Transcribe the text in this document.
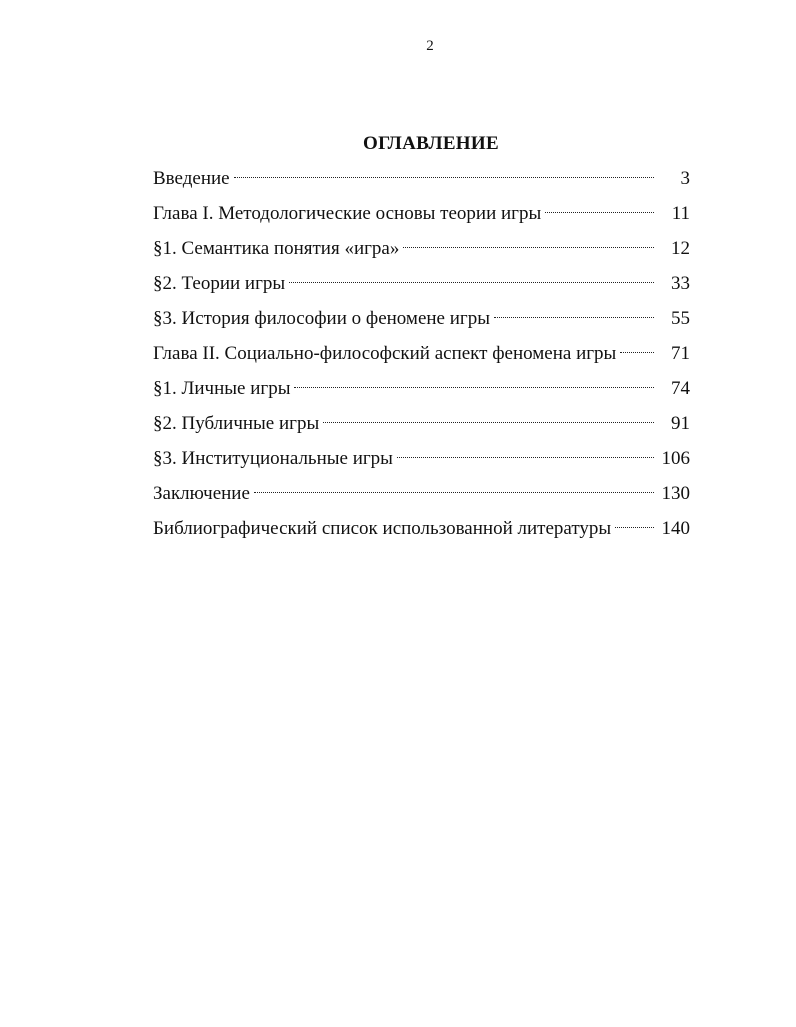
2
ОГЛАВЛЕНИЕ
Введение	3
Глава I. Методологические основы теории игры	11
§1. Семантика понятия «игра»	12
§2. Теории игры	33
§3. История философии о феномене игры	55
Глава II. Социально-философский аспект феномена игры	71
§1. Личные игры	74
§2. Публичные игры	91
§3. Институциональные игры	106
Заключение	130
Библиографический список использованной литературы	140
